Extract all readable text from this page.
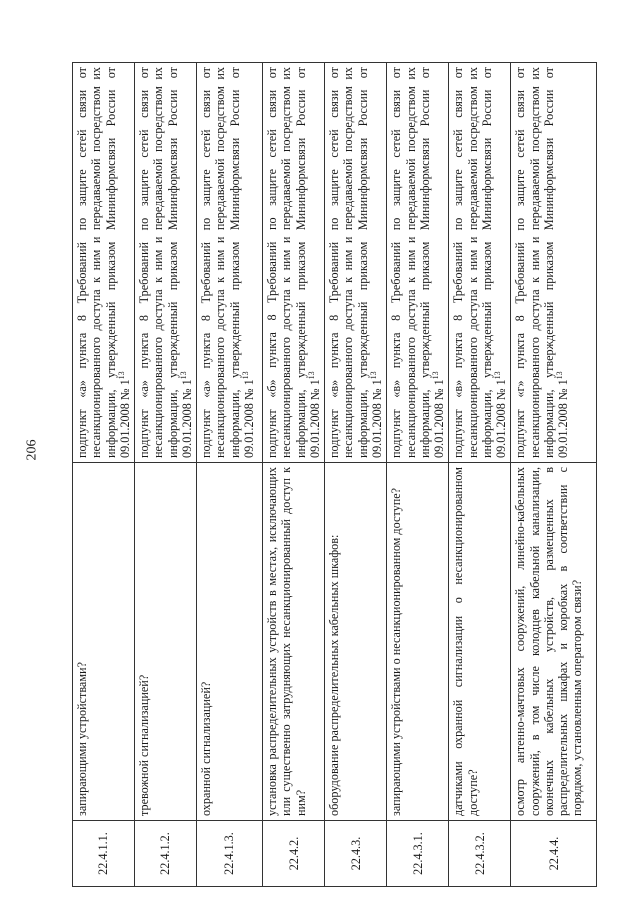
206
22.4.1.1.	запирающими устройствами?	подпункт «а» пункта 8 Требований по защите сетей связи от несанкционированного доступа к ним и передаваемой посредством их информации, утвержденный приказом Мининформсвязи России от 09.01.2008 № $1^{13}$
22.4.1.2.	тревожной сигнализацией?	подпункт «а» пункта 8 Требований по защите сетей связи от несанкционированного доступа к ним и передаваемой посредством их информации, утвержденный приказом Мининформсвязи России от 09.01.2008 № $1^{13}$
22.4.1.3.	охранной сигнализацией?	подпункт «а» пункта 8 Требований по защите сетей связи от несанкционированного доступа к ним и передаваемой посредством их информации, утвержденный приказом Мининформсвязи России от 09.01.2008 № $1^{13}$
22.4.2.	установка распределительных устройств в местах, исключающих или существенно затрудняющих несанкционированный доступ к ним?	подпункт «б» пункта 8 Требований по защите сетей связи от несанкционированного доступа к ним и передаваемой посредством их информации, утвержденный приказом Мининформсвязи России от 09.01.2008 № $1^{13}$
22.4.3.	оборудование распределительных кабельных шкафов:	подпункт «в» пункта 8 Требований по защите сетей связи от несанкционированного доступа к ним и передаваемой посредством их информации, утвержденный приказом Мининформсвязи России от 09.01.2008 № $1^{13}$
22.4.3.1.	запирающими устройствами о несанкционированном доступе?	подпункт «в» пункта 8 Требований по защите сетей связи от несанкционированного доступа к ним и передаваемой посредством их информации, утвержденный приказом Мининформсвязи России от 09.01.2008 № $1^{13}$
22.4.3.2.	датчиками охранной сигнализации о несанкционированном доступе?	подпункт «в» пункта 8 Требований по защите сетей связи от несанкционированного доступа к ним и передаваемой посредством их информации, утвержденный приказом Мининформсвязи России от 09.01.2008 № $1^{13}$
22.4.4.	осмотр антенно-мачтовых сооружений, линейно-кабельных сооружений, в том числе колодцев кабельной канализации, оконечных кабельных устройств, размещенных в распределительных шкафах и коробках в соответствии с порядком, установленным оператором связи?	подпункт «г» пункта 8 Требований по защите сетей связи от несанкционированного доступа к ним и передаваемой посредством их информации, утвержденный приказом Мининформсвязи России от 09.01.2008 № $1^{13}$
